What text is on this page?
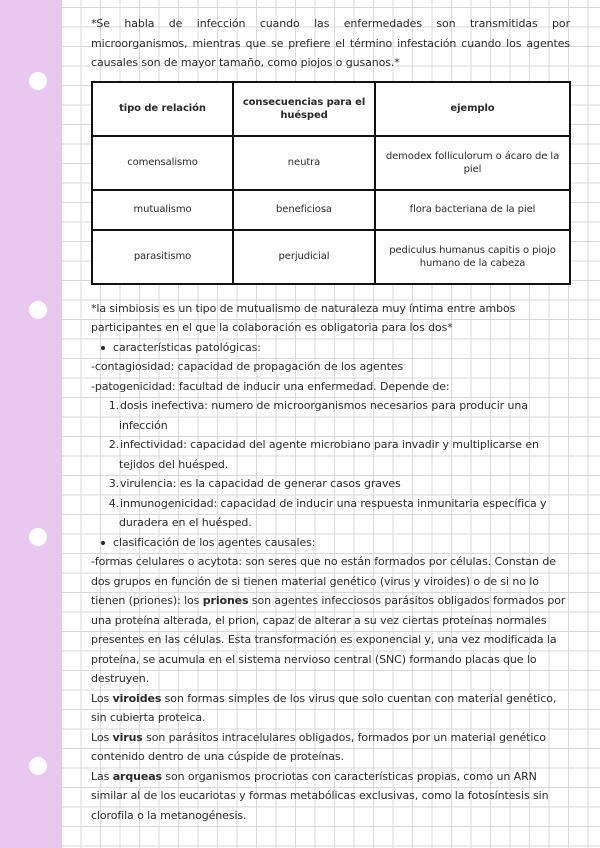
*Se habla de infección cuando las enfermedades son transmitidas por microorganismos, mientras que se prefiere el término infestación cuando los agentes causales son de mayor tamaño, como piojos o gusanos.*

tipo de relación	consecuencias para el huésped	ejemplo
comensalismo	neutra	demodex folliculorum o ácaro de la piel
mutualismo	beneficiosa	flora bacteriana de la piel
parasitismo	perjudicial	pediculus humanus capitis o piojo humano de la cabeza

*la simbiosis es un tipo de mutualismo de naturaleza muy íntima entre ambos participantes en el que la colaboración es obligatoria para los dos*

características patológicas:

-contagiosidad: capacidad de propagación de los agentes

-patogenicidad: facultad de inducir una enfermedad. Depende de:

1.dosis inefectiva: numero de microorganismos necesarios para producir una infección

2.infectividad: capacidad del agente microbiano para invadir y multiplicarse en tejidos del huésped.

3.virulencia: es la capacidad de generar casos graves

4.inmunogenicidad: capacidad de inducir una respuesta inmunitaria específica y duradera en el huésped.

clasificación de los agentes causales:

-formas celulares o acytota: son seres que no están formados por células. Constan de dos grupos en función de si tienen material genético (virus y viroides) o de si no lo tienen (priones): los priones son agentes infecciosos parásitos obligados formados por una proteína alterada, el prion, capaz de alterar a su vez ciertas proteínas normales presentes en las células. Esta transformación es exponencial y, una vez modificada la proteína, se acumula en el sistema nervioso central (SNC) formando placas que lo destruyen.

Los viroides son formas simples de los virus que solo cuentan con material genético, sin cubierta proteica.

Los virus son parásitos intracelulares obligados, formados por un material genético contenido dentro de una cúspide de proteínas.

Las arqueas son organismos procriotas con características propias, como un ARN similar al de los eucariotas y formas metabólicas exclusivas, como la fotosíntesis sin clorofila o la metanogénesis.
